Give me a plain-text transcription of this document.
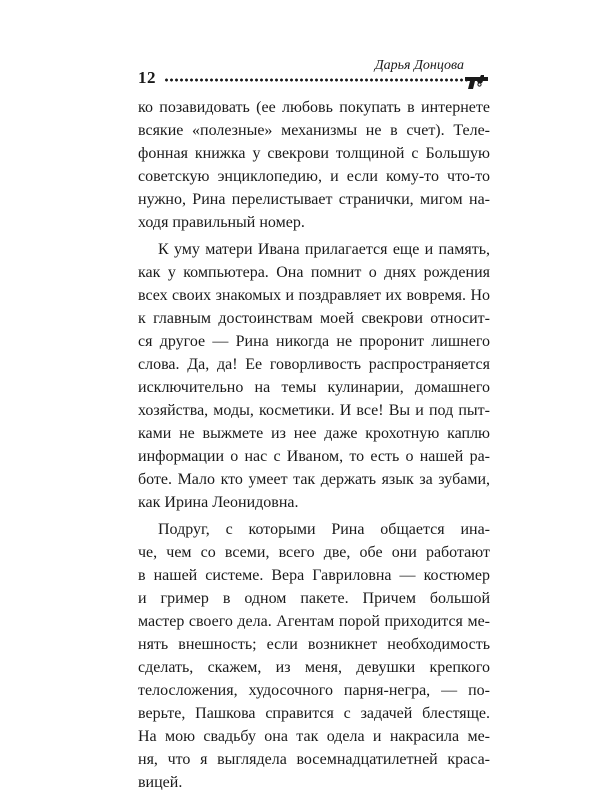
12
Дарья Донцова
ко позавидовать (ее любовь покупать в интернете
всякие «полезные» механизмы не в счет). Теле-
фонная книжка у свекрови толщиной с Большую
советскую энциклопедию, и если кому-то что-то
нужно, Рина перелистывает странички, мигом на-
ходя правильный номер.
К уму матери Ивана прилагается еще и память,
как у компьютера. Она помнит о днях рождения
всех своих знакомых и поздравляет их вовремя. Но
к главным достоинствам моей свекрови относит-
ся другое — Рина никогда не проронит лишнего
слова. Да, да! Ее говорливость распространяется
исключительно на темы кулинарии, домашнего
хозяйства, моды, косметики. И все! Вы и под пыт-
ками не выжмете из нее даже крохотную каплю
информации о нас с Иваном, то есть о нашей ра-
боте. Мало кто умеет так держать язык за зубами,
как Ирина Леонидовна.
Подруг, с которыми Рина общается ина-
че, чем со всеми, всего две, обе они работают
в нашей системе. Вера Гавриловна — костюмер
и гример в одном пакете. Причем большой
мастер своего дела. Агентам порой приходится ме-
нять внешность; если возникнет необходимость
сделать, скажем, из меня, девушки крепкого
телосложения, худосочного парня-негра, — по-
верьте, Пашкова справится с задачей блестяще.
На мою свадьбу она так одела и накрасила ме-
ня, что я выглядела восемнадцатилетней краса-
вицей.
